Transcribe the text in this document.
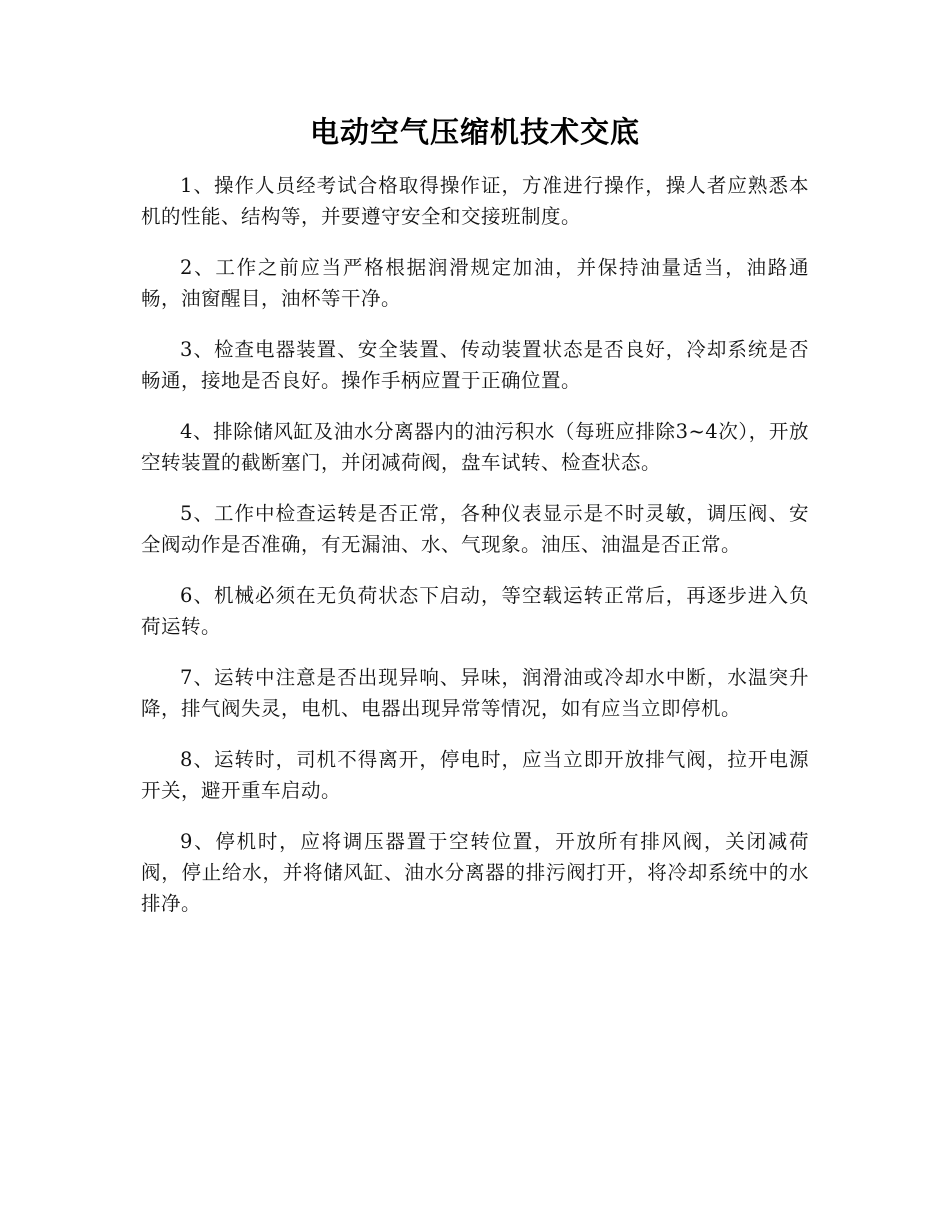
电动空气压缩机技术交底

1、操作人员经考试合格取得操作证，方准进行操作，操人者应熟悉本机的性能、结构等，并要遵守安全和交接班制度。

2、工作之前应当严格根据润滑规定加油，并保持油量适当，油路通畅，油窗醒目，油杯等干净。

3、检查电器装置、安全装置、传动装置状态是否良好，冷却系统是否畅通，接地是否良好。操作手柄应置于正确位置。

4、排除储风缸及油水分离器内的油污积水（每班应排除3~4次），开放空转装置的截断塞门，并闭减荷阀，盘车试转、检查状态。

5、工作中检查运转是否正常，各种仪表显示是不时灵敏，调压阀、安全阀动作是否准确，有无漏油、水、气现象。油压、油温是否正常。

6、机械必须在无负荷状态下启动，等空载运转正常后，再逐步进入负荷运转。

7、运转中注意是否出现异响、异味，润滑油或冷却水中断，水温突升降，排气阀失灵，电机、电器出现异常等情况，如有应当立即停机。

8、运转时，司机不得离开，停电时，应当立即开放排气阀，拉开电源开关，避开重车启动。

9、停机时，应将调压器置于空转位置，开放所有排风阀，关闭减荷阀，停止给水，并将储风缸、油水分离器的排污阀打开，将冷却系统中的水排净。
